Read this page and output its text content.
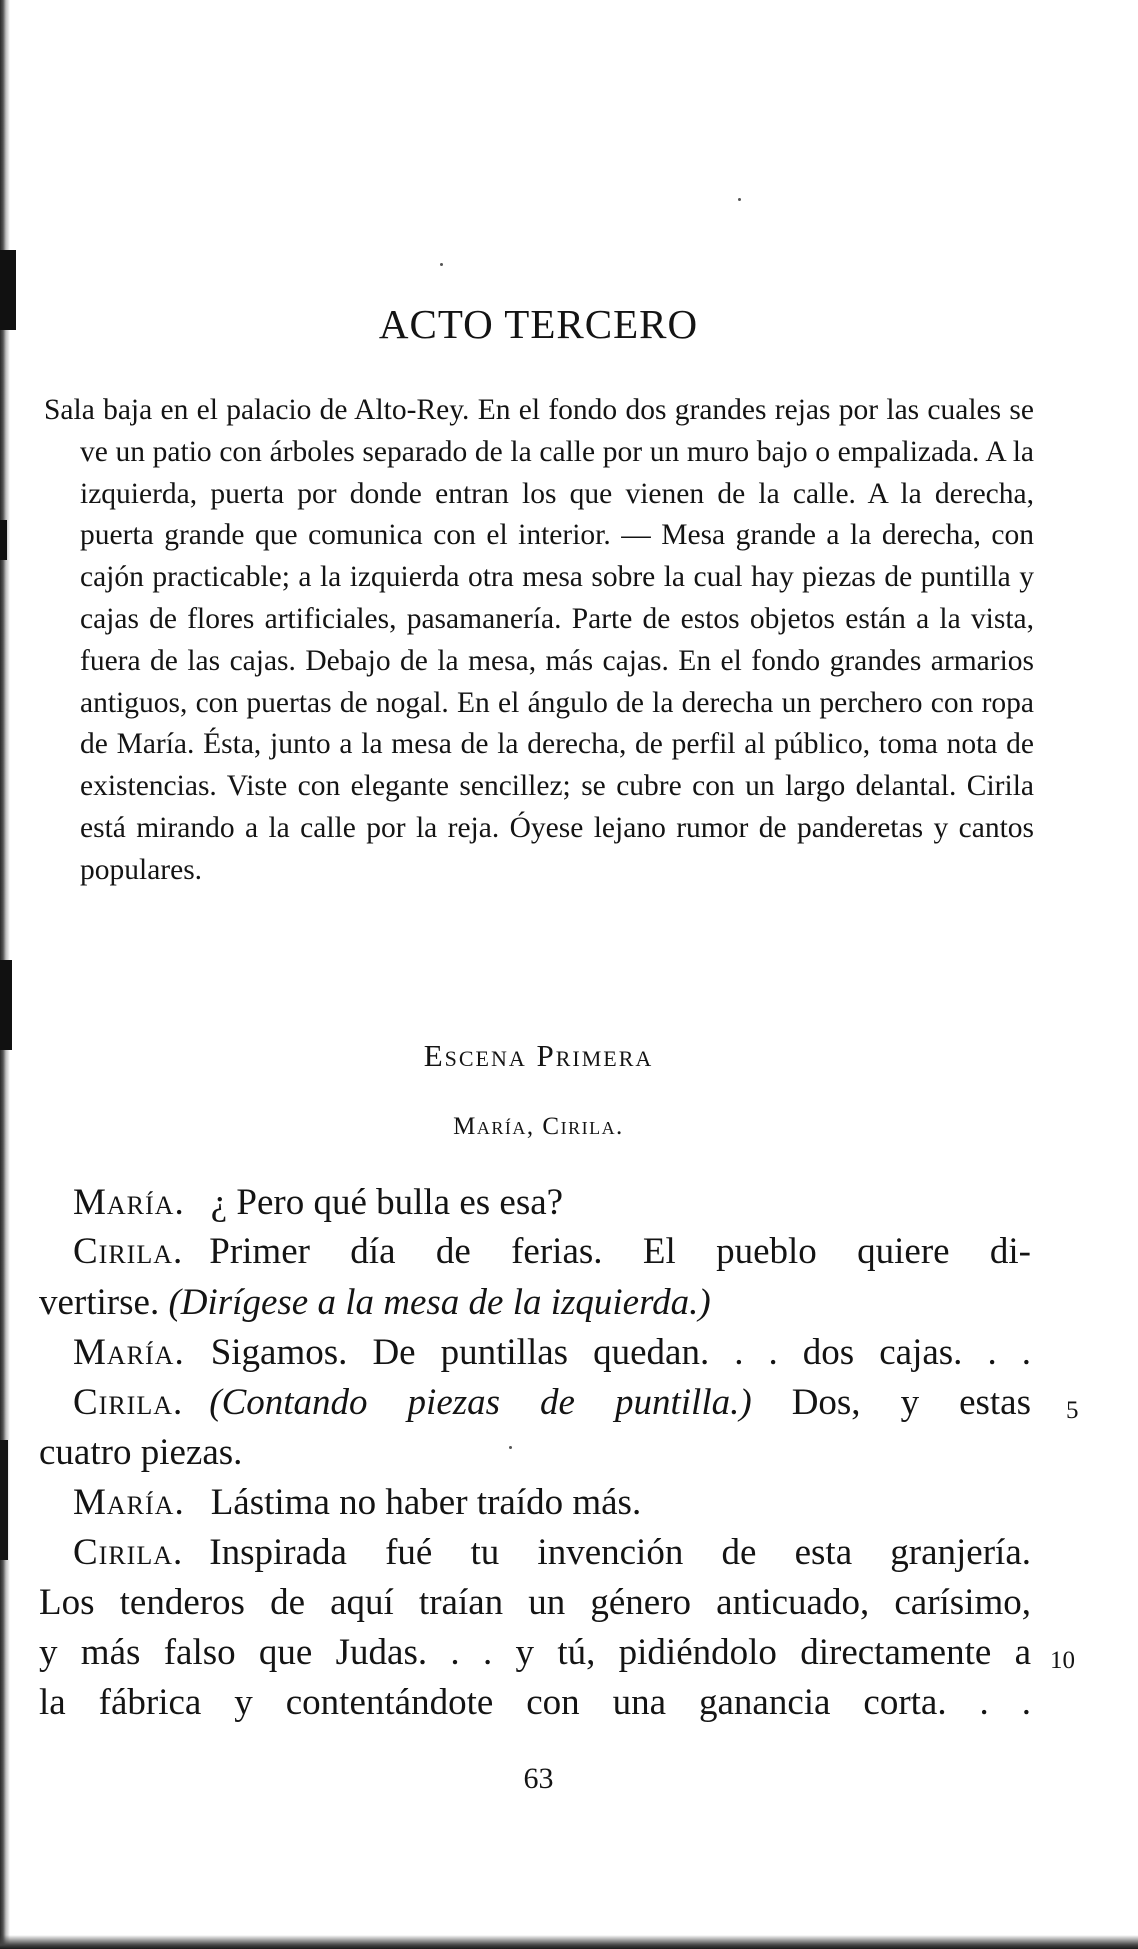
ACTO TERCERO

Sala baja en el palacio de Alto-Rey. En el fondo dos grandes rejas por las cuales se ve un patio con árboles separado de la calle por un muro bajo o empalizada. A la izquierda, puerta por donde entran los que vienen de la calle. A la derecha, puerta grande que comunica con el interior. — Mesa grande a la derecha, con cajón practicable; a la izquierda otra mesa sobre la cual hay piezas de puntilla y cajas de flores artificiales, pasamanería. Parte de estos objetos están a la vista, fuera de las cajas. Debajo de la mesa, más cajas. En el fondo grandes armarios antiguos, con puertas de nogal. En el ángulo de la derecha un perchero con ropa de María. Ésta, junto a la mesa de la derecha, de perfil al público, toma nota de existencias. Viste con elegante sencillez; se cubre con un largo delantal. Cirila está mirando a la calle por la reja. Óyese lejano rumor de panderetas y cantos populares.

Escena Primera
María, Cirila.
María. ¿ Pero qué bulla es esa?
Cirila. Primer día de ferias. El pueblo quiere di-
vertirse. (Dirígese a la mesa de la izquierda.)
María. Sigamos. De puntillas quedan. . . dos cajas. . .
Cirila. (Contando piezas de puntilla.) Dos, y estas
cuatro piezas.
María. Lástima no haber traído más.
Cirila. Inspirada fué tu invención de esta granjería.
Los tenderos de aquí traían un género anticuado, carísimo,
y más falso que Judas. . . y tú, pidiéndolo directamente a
la fábrica y contentándote con una ganancia corta. . .
5
10
63
